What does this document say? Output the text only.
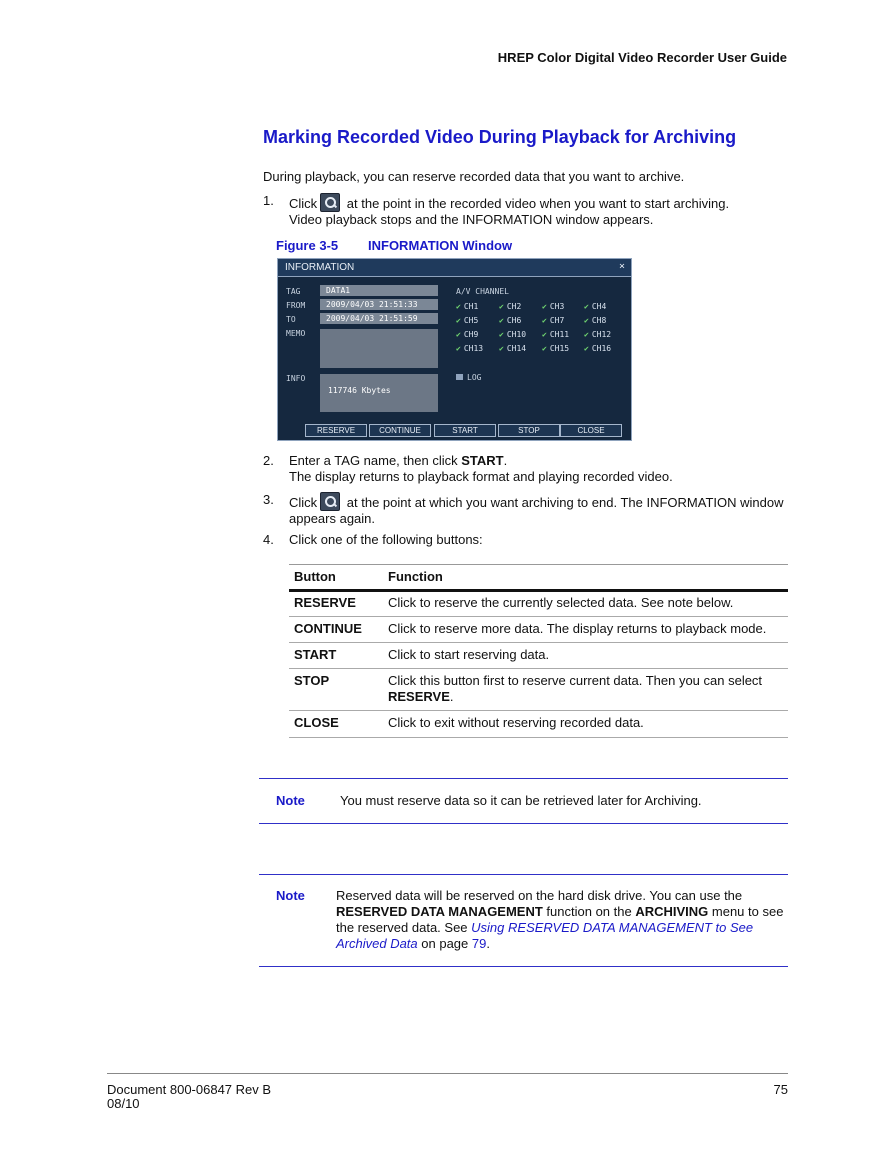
HREP Color Digital Video Recorder User Guide
Marking Recorded Video During Playback for Archiving
During playback, you can reserve recorded data that you want to archive.
1. Click at the point in the recorded video when you want to start archiving.
Video playback stops and the INFORMATION window appears.
Figure 3-5 INFORMATION Window
INFORMATION	×
TAG	DATA1
FROM	2009/04/03 21:51:33
TO	2009/04/03 21:51:59
MEMO
INFO
117746 Kbytes
A/V CHANNEL
✔ CH1	✔ CH2	✔ CH3 ✔ CH4
✔ CH5	✔ CH6	✔ CH7 ✔ CH8
✔ CH9	✔ CH10 ✔ CH11 ✔ CH12
✔ CH13 ✔ CH14 ✔ CH15 ✔ CH16
LOG
RESERVE	CONTINUE	START	STOP	CLOSE
2. Enter a TAG name, then click START.
The display returns to playback format and playing recorded video.
3. Click at the point at which you want archiving to end. The INFORMATION window
appears again.
4. Click one of the following buttons:
Button	Function
RESERVE Click to reserve the currently selected data. See note below.
CONTINUE Click to reserve more data. The display returns to playback mode.
START	Click to start reserving data.
STOP	Click this button first to reserve current data. Then you can select RESERVE.
CLOSE	Click to exit without reserving recorded data.
Note	You must reserve data so it can be retrieved later for Archiving.
Note Reserved data will be reserved on the hard disk drive. You can use the
RESERVED DATA MANAGEMENT function on the ARCHIVING menu to see
the reserved data. See Using RESERVED DATA MANAGEMENT to See
Archived Data on page 79.
Document 800-06847 Rev B
08/10
75
